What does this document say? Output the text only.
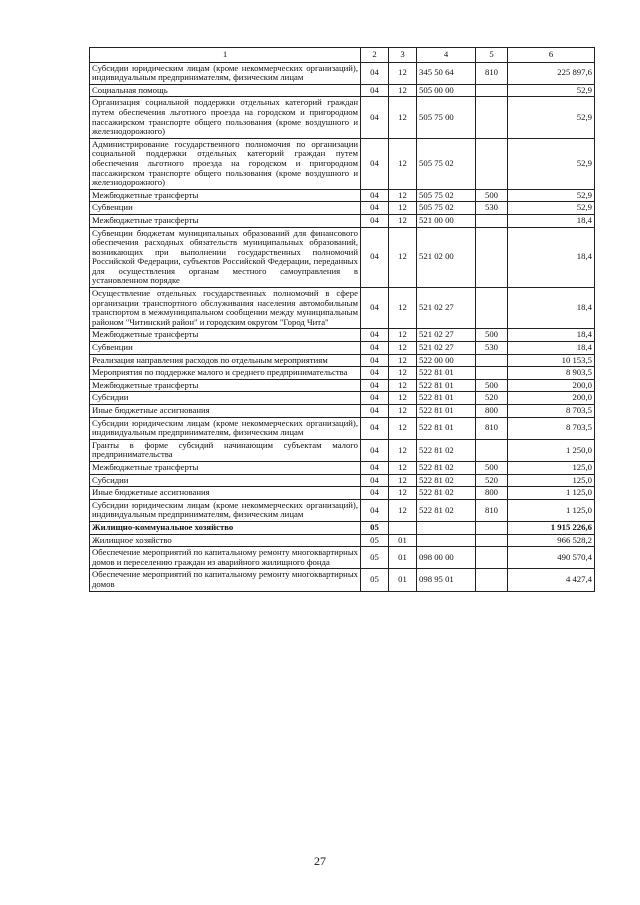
1	2	3	4	5	6
Субсидии юридическим лицам (кроме некоммерческих организаций), индивидуальным предпринимателям, физическим лицам	04	12	345 50 64	810	225 897,6
Социальная помощь	04	12	505 00 00		52,9
Организация социальной поддержки отдельных категорий граждан путем обеспечения льготного проезда на городском и пригородном пассажирском транспорте общего пользования (кроме воздушного и железнодорожного)	04	12	505 75 00		52,9
Администрирование государственного полномочия по организации социальной поддержки отдельных категорий граждан путем обеспечения льготного проезда на городском и пригородном пассажирском транспорте общего пользования (кроме воздушного и железнодорожного)	04	12	505 75 02		52,9
Межбюджетные трансферты	04	12	505 75 02	500	52,9
Субвенции	04	12	505 75 02	530	52,9
Межбюджетные трансферты	04	12	521 00 00		18,4
Субвенции бюджетам муниципальных образований для финансового обеспечения расходных обязательств муниципальных образований, возникающих при выполнении государственных полномочий Российской Федерации, субъектов Российской Федерации, переданных для осуществления органам местного самоуправления в установленном порядке	04	12	521 02 00		18,4
Осуществление отдельных государственных полномочий в сфере организации транспортного обслуживания населения автомобильным транспортом в межмуниципальном сообщении между муниципальным районом "Читинский район" и городским округом "Город Чита"	04	12	521 02 27		18,4
Межбюджетные трансферты	04	12	521 02 27	500	18,4
Субвенции	04	12	521 02 27	530	18,4
Реализация направления расходов по отдельным мероприятиям	04	12	522 00 00		10 153,5
Мероприятия по поддержке малого и среднего предпринимательства	04	12	522 81 01		8 903,5
Межбюджетные трансферты	04	12	522 81 01	500	200,0
Субсидии	04	12	522 81 01	520	200,0
Иные бюджетные ассигнования	04	12	522 81 01	800	8 703,5
Субсидии юридическим лицам (кроме некоммерческих организаций), индивидуальным предпринимателям, физическим лицам	04	12	522 81 01	810	8 703,5
Гранты в форме субсидий начинающим субъектам малого предпринимательства	04	12	522 81 02		1 250,0
Межбюджетные трансферты	04	12	522 81 02	500	125,0
Субсидии	04	12	522 81 02	520	125,0
Иные бюджетные ассигнования	04	12	522 81 02	800	1 125,0
Субсидии юридическим лицам (кроме некоммерческих организаций), индивидуальным предпринимателям, физическим лицам	04	12	522 81 02	810	1 125,0
Жилищно-коммунальное хозяйство	05				1 915 226,6
Жилищное хозяйство	05	01			966 528,2
Обеспечение мероприятий по капитальному ремонту многоквартирных домов и переселению граждан из аварийного жилищного фонда	05	01	098 00 00		490 570,4
Обеспечение мероприятий по капитальному ремонту многоквартирных домов	05	01	098 95 01		4 427,4
27
